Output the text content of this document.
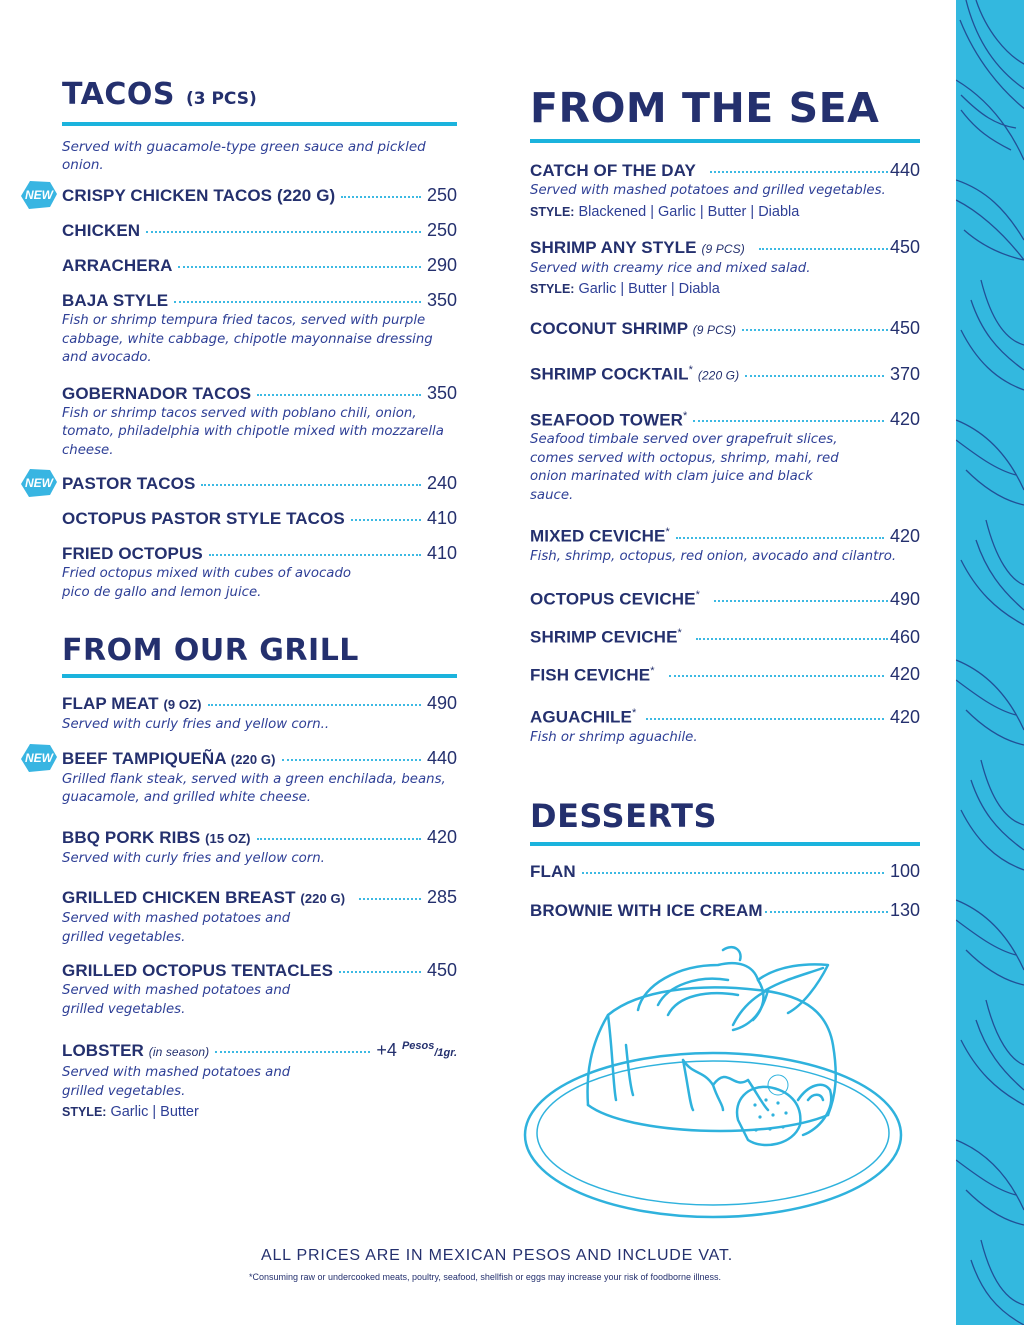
TACOS (3 PCS)

Served with guacamole-type green sauce and pickled onion.

NEW CRISPY CHICKEN TACOS (220 G)	250
CHICKEN	250
ARRACHERA	290
BAJA STYLE	350

Fish or shrimp tempura fried tacos, served with purple cabbage, white cabbage, chipotle mayonnaise dressing and avocado.

GOBERNADOR TACOS	350

Fish or shrimp tacos served with poblano chili, onion, tomato, philadelphia with chipotle mixed with mozzarella cheese.

NEW PASTOR TACOS	240
OCTOPUS PASTOR STYLE TACOS	410
FRIED OCTOPUS	410

Fried octopus mixed with cubes of avocado pico de gallo and lemon juice.

FROM OUR GRILL
FLAP MEAT (9 OZ)	490

Served with curly fries and yellow corn..

NEW BEEF TAMPIQUEÑA (220 G)	440

Grilled flank steak, served with a green enchilada, beans, guacamole, and grilled white cheese.

BBQ PORK RIBS (15 OZ)	420

Served with curly fries and yellow corn.

GRILLED CHICKEN BREAST (220 G)	285

Served with mashed potatoes and grilled vegetables.

GRILLED OCTOPUS TENTACLES	450

Served with mashed potatoes and grilled vegetables.

LOBSTER (in season)	+4 $^{Pesos}$/1gr.

Served with mashed potatoes and grilled vegetables.

STYLE: Garlic | Butter

FROM THE SEA
CATCH OF THE DAY	440

Served with mashed potatoes and grilled vegetables.

STYLE: Blackened | Garlic | Butter | Diabla

SHRIMP ANY STYLE (9 PCS)	450

Served with creamy rice and mixed salad.

STYLE: Garlic | Butter | Diabla

COCONUT SHRIMP (9 PCS)	450
SHRIMP COCKTAIL* (220 G)	370
SEAFOOD TOWER*	420

Seafood timbale served over grapefruit slices, comes served with octopus, shrimp, mahi, red onion marinated with clam juice and black sauce.

MIXED CEVICHE*	420

Fish, shrimp, octopus, red onion, avocado and cilantro.

OCTOPUS CEVICHE*	490
SHRIMP CEVICHE*	460
FISH CEVICHE*	420
AGUACHILE*	420

Fish or shrimp aguachile.

DESSERTS
FLAN	100
BROWNIE WITH ICE CREAM	130
ALL PRICES ARE IN MEXICAN PESOS AND INCLUDE VAT.
*Consuming raw or undercooked meats, poultry, seafood, shellfish or eggs may increase your risk of foodborne illness.
